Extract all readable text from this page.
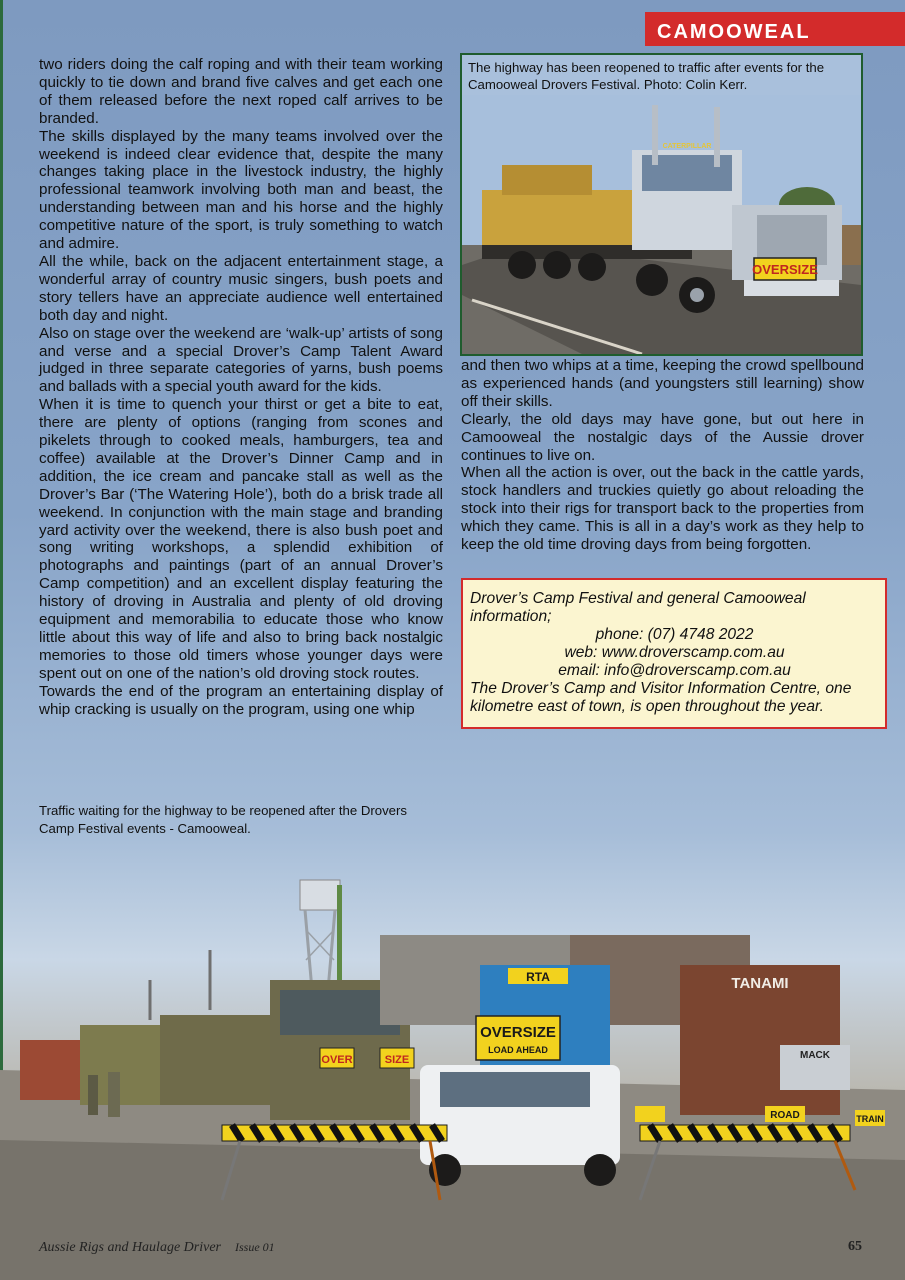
CAMOOWEAL

two riders doing the calf roping and with their team working quickly to tie down and brand five calves and get each one of them released before the next roped calf arrives to be branded.

The skills displayed by the many teams involved over the weekend is indeed clear evidence that, despite the many changes taking place in the livestock industry, the highly professional teamwork involving both man and beast, the understanding between man and his horse and the highly competitive nature of the sport, is truly something to watch and admire.

All the while, back on the adjacent entertainment stage, a wonderful array of country music singers, bush poets and story tellers have an appreciate audience well entertained both day and night.

Also on stage over the weekend are ‘walk-up’ artists of song and verse and a special Drover’s Camp Talent Award judged in three separate categories of yarns, bush poems and ballads with a special youth award for the kids.

When it is time to quench your thirst or get a bite to eat, there are plenty of options (ranging from scones and pikelets through to cooked meals, hamburgers, tea and coffee) available at the Drover’s Dinner Camp and in addition, the ice cream and pancake stall as well as the Drover’s Bar (‘The Watering Hole’), both do a brisk trade all weekend. In conjunction with the main stage and branding yard activity over the weekend, there is also bush poet and song writing workshops, a splendid exhibition of photographs and paintings (part of an annual Drover’s Camp competition) and an excellent display featuring the history of droving in Australia and plenty of old droving equipment and memorabilia to educate those who know little about this way of life and also to bring back nostalgic memories to those old timers whose younger days were spent out on one of the nation’s old droving stock routes.

Towards the end of the program an entertaining display of whip cracking is usually on the program, using one whip

The highway has been reopened to traffic after events for the Camooweal Drovers Festival. Photo: Colin Kerr.
OVERSIZE
CATERPILLAR

and then two whips at a time, keeping the crowd spellbound as experienced hands (and youngsters still learning) show off their skills.

Clearly, the old days may have gone, but out here in Camooweal the nostalgic days of the Aussie drover continues to live on.

When all the action is over, out the back in the cattle yards, stock handlers and truckies quietly go about reloading the stock into their rigs for transport back to the properties from which they came. This is all in a day’s work as they help to keep the old time droving days from being forgotten.

Drover’s Camp Festival and general Camooweal information;
phone: (07) 4748 2022
web: www.droverscamp.com.au
email: info@droverscamp.com.au
The Drover’s Camp and Visitor Information Centre, one kilometre east of town, is open throughout the year.
Traffic waiting for the highway to be reopened after the Drovers Camp Festival events - Camooweal.
OVER	SIZE
RTA	TANAMI
MACK
ROAD	TRAIN
OVERSIZE
LOAD AHEAD
Aussie Rigs and Haulage Driver Issue 01	65
